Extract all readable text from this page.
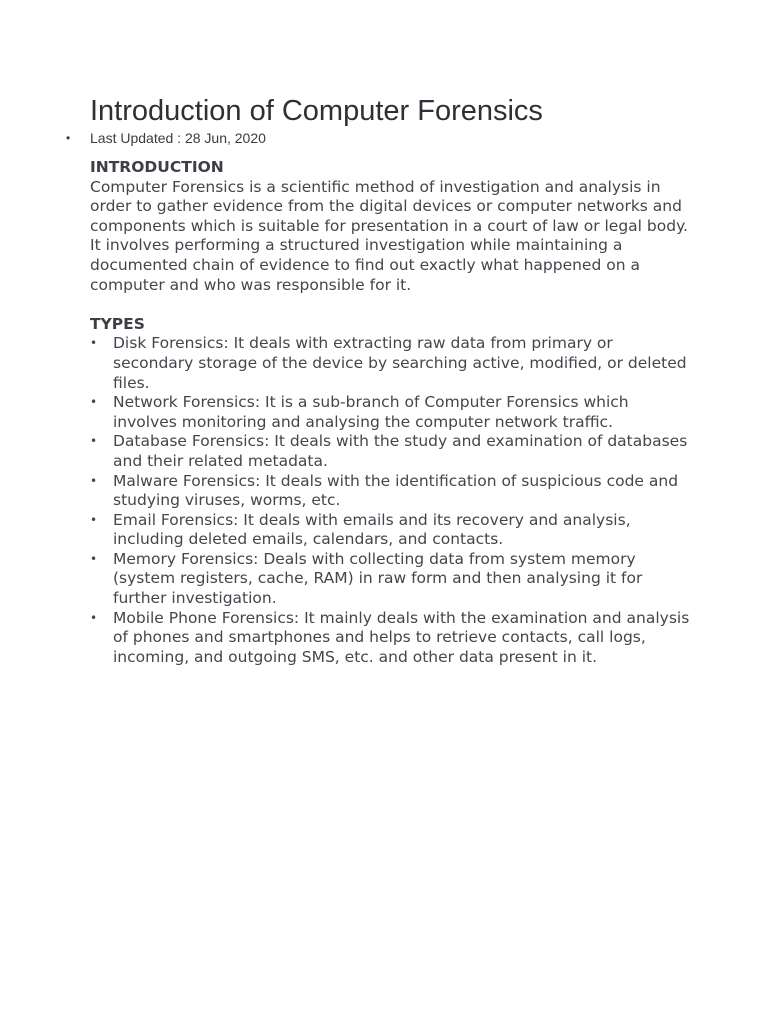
Introduction of Computer Forensics
• Last Updated : 28 Jun, 2020
INTRODUCTION

Computer Forensics is a scientific method of investigation and analysis in order to gather evidence from the digital devices or computer networks and components which is suitable for presentation in a court of law or legal body.

It involves performing a structured investigation while maintaining a documented chain of evidence to find out exactly what happened on a computer and who was responsible for it.

TYPES
• Disk Forensics: It deals with extracting raw data from primary or secondary storage of the device by searching active, modified, or deleted files.
• Network Forensics: It is a sub-branch of Computer Forensics which involves monitoring and analysing the computer network traffic.
• Database Forensics: It deals with the study and examination of databases and their related metadata.
• Malware Forensics: It deals with the identification of suspicious code and studying viruses, worms, etc.
• Email Forensics: It deals with emails and its recovery and analysis, including deleted emails, calendars, and contacts.
• Memory Forensics: Deals with collecting data from system memory (system registers, cache, RAM) in raw form and then analysing it for further investigation.
• Mobile Phone Forensics: It mainly deals with the examination and analysis of phones and smartphones and helps to retrieve contacts, call logs, incoming, and outgoing SMS, etc. and other data present in it.
